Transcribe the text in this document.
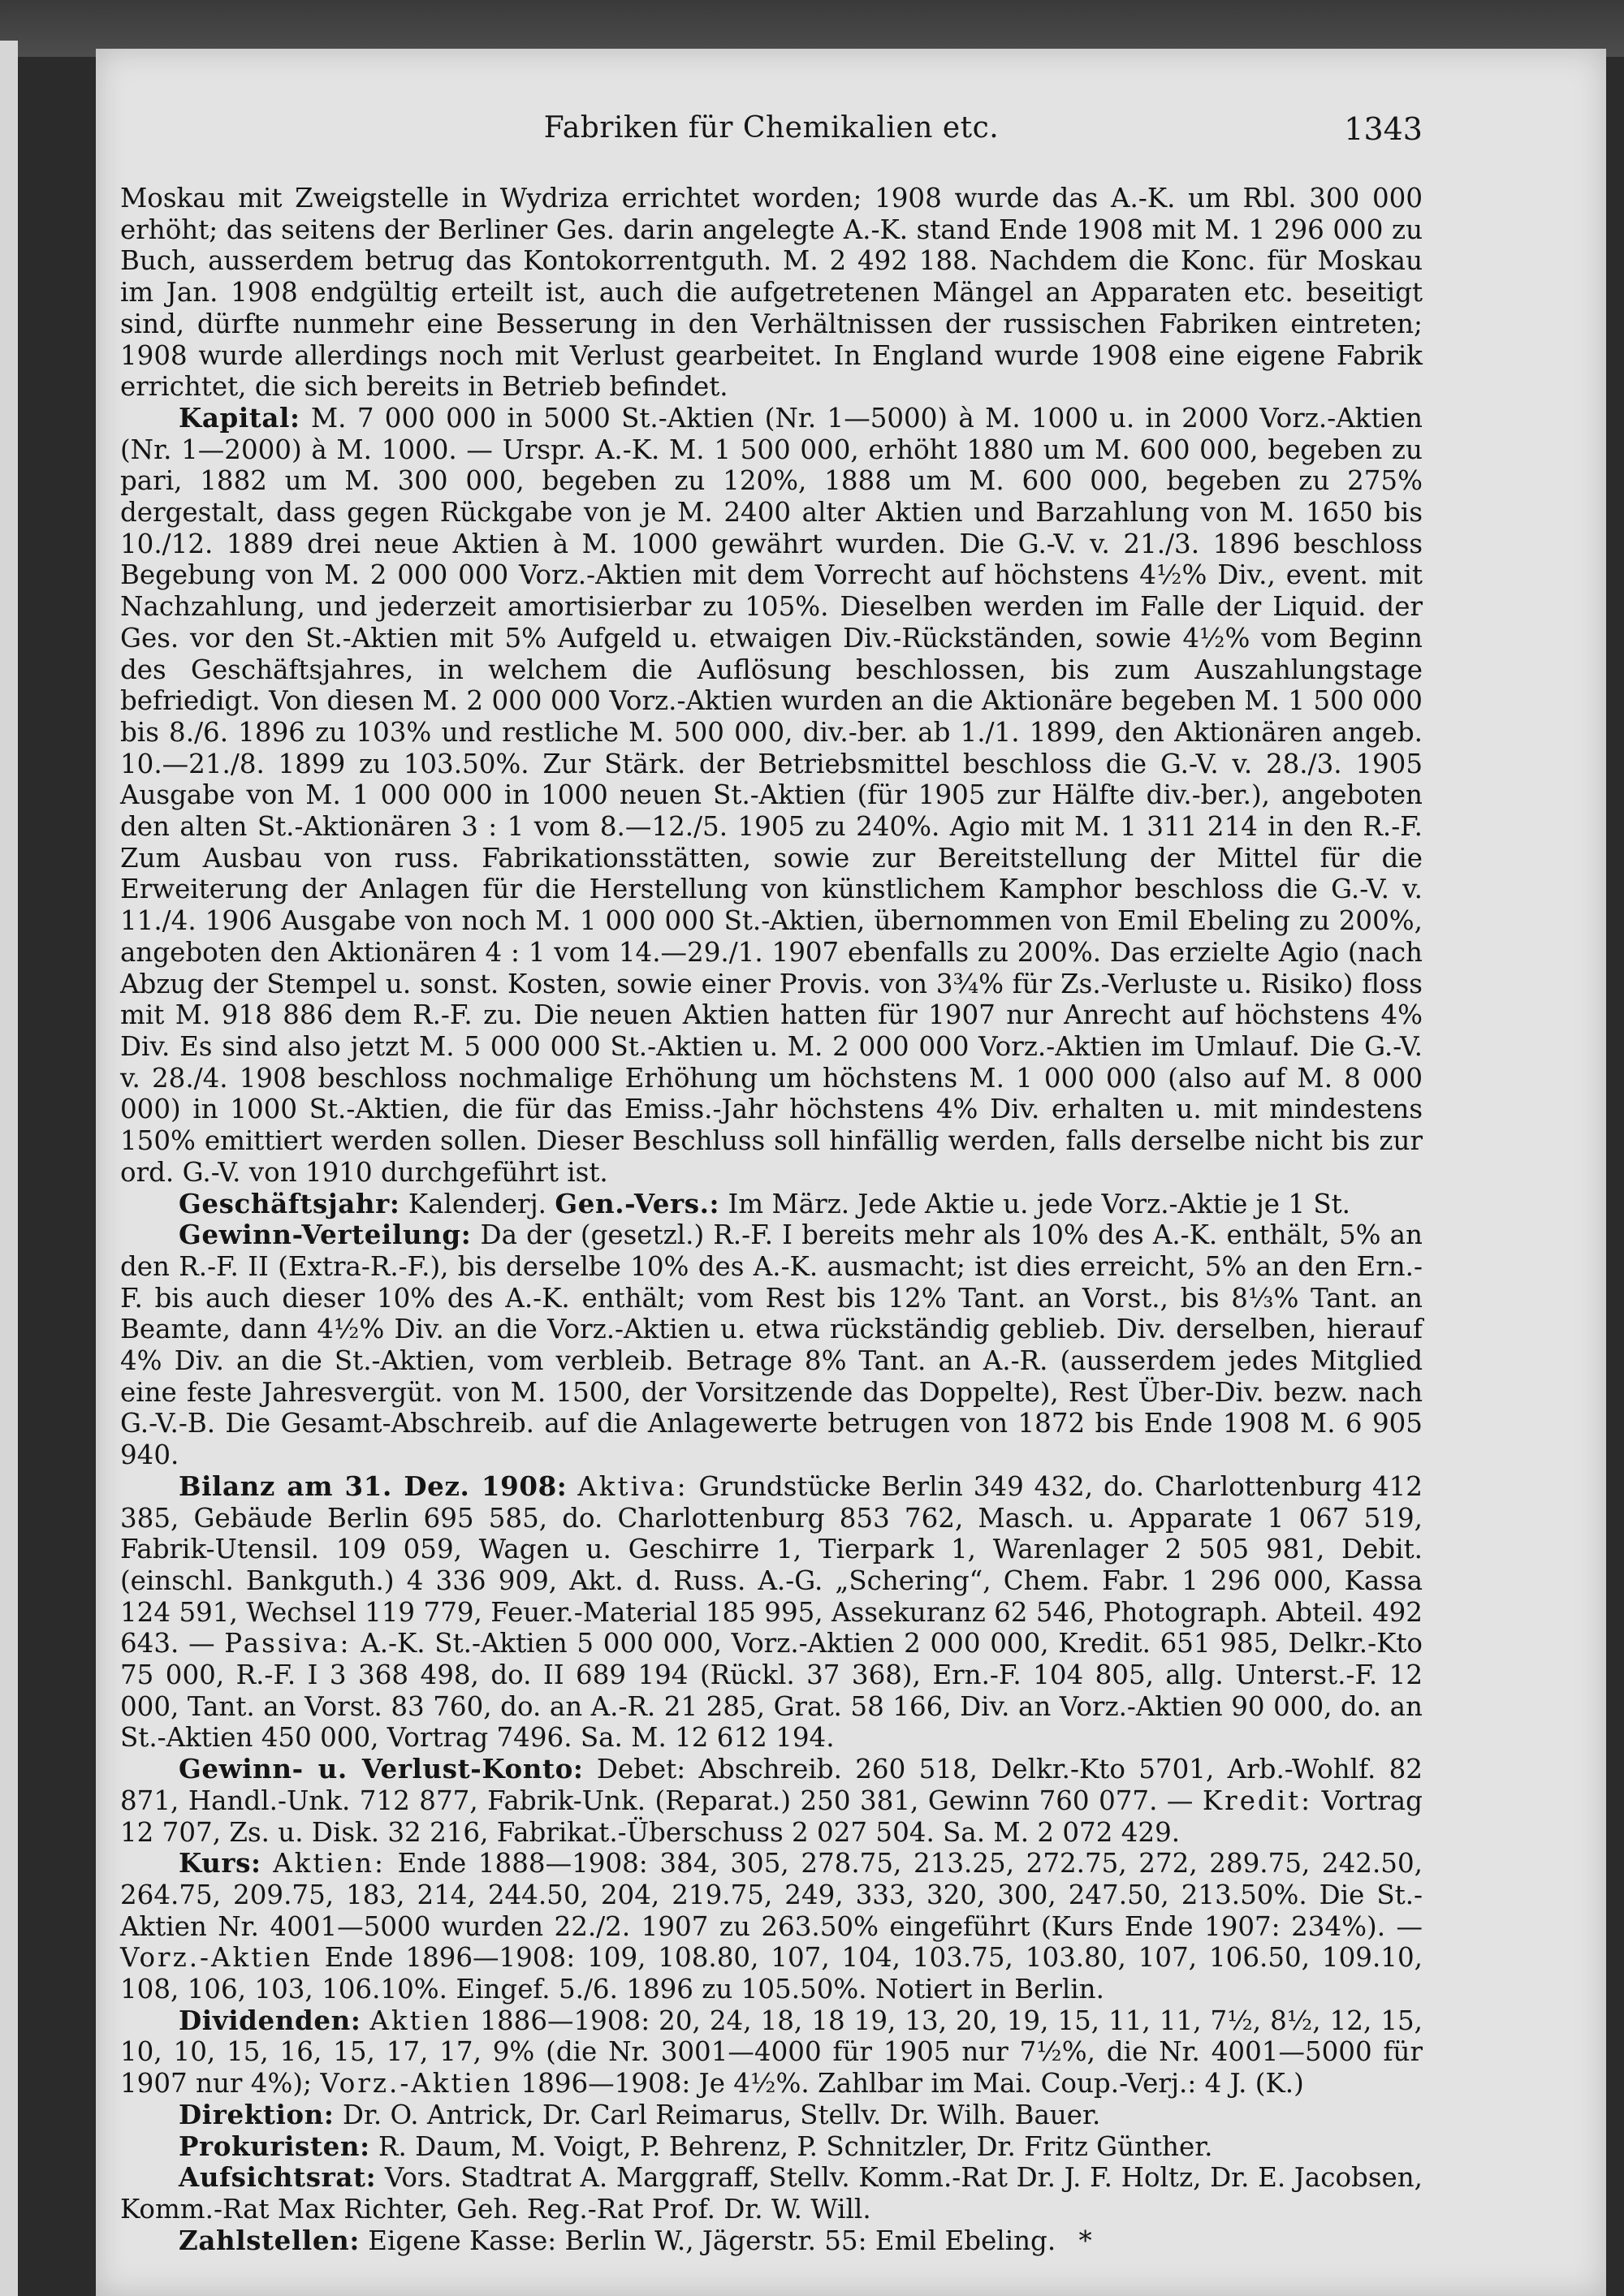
Fabriken für Chemikalien etc.	1343

Moskau mit Zweigstelle in Wydriza errichtet worden; 1908 wurde das A.-K. um Rbl. 300 000 erhöht; das seitens der Berliner Ges. darin angelegte A.-K. stand Ende 1908 mit M. 1 296 000 zu Buch, ausserdem betrug das Kontokorrentguth. M. 2 492 188. Nachdem die Konc. für Moskau im Jan. 1908 endgültig erteilt ist, auch die aufgetretenen Mängel an Apparaten etc. beseitigt sind, dürfte nunmehr eine Besserung in den Verhältnissen der russischen Fabriken eintreten; 1908 wurde allerdings noch mit Verlust gearbeitet. In England wurde 1908 eine eigene Fabrik errichtet, die sich bereits in Betrieb befindet.

Kapital: M. 7 000 000 in 5000 St.-Aktien (Nr. 1—5000) à M. 1000 u. in 2000 Vorz.-Aktien (Nr. 1—2000) à M. 1000. — Urspr. A.-K. M. 1 500 000, erhöht 1880 um M. 600 000, begeben zu pari, 1882 um M. 300 000, begeben zu 120%, 1888 um M. 600 000, begeben zu 275% dergestalt, dass gegen Rückgabe von je M. 2400 alter Aktien und Barzahlung von M. 1650 bis 10./12. 1889 drei neue Aktien à M. 1000 gewährt wurden. Die G.-V. v. 21./3. 1896 beschloss Begebung von M. 2 000 000 Vorz.-Aktien mit dem Vorrecht auf höchstens 4½% Div., event. mit Nachzahlung, und jederzeit amortisierbar zu 105%. Dieselben werden im Falle der Liquid. der Ges. vor den St.-Aktien mit 5% Aufgeld u. etwaigen Div.-Rückständen, sowie 4½% vom Beginn des Geschäftsjahres, in welchem die Auflösung beschlossen, bis zum Auszahlungstage befriedigt. Von diesen M. 2 000 000 Vorz.-Aktien wurden an die Aktionäre begeben M. 1 500 000 bis 8./6. 1896 zu 103% und restliche M. 500 000, div.-ber. ab 1./1. 1899, den Aktionären angeb. 10.—21./8. 1899 zu 103.50%. Zur Stärk. der Betriebsmittel beschloss die G.-V. v. 28./3. 1905 Ausgabe von M. 1 000 000 in 1000 neuen St.-Aktien (für 1905 zur Hälfte div.-ber.), angeboten den alten St.-Aktionären 3 : 1 vom 8.—12./5. 1905 zu 240%. Agio mit M. 1 311 214 in den R.-F. Zum Ausbau von russ. Fabrikationsstätten, sowie zur Bereitstellung der Mittel für die Erweiterung der Anlagen für die Herstellung von künstlichem Kamphor beschloss die G.-V. v. 11./4. 1906 Ausgabe von noch M. 1 000 000 St.-Aktien, übernommen von Emil Ebeling zu 200%, angeboten den Aktionären 4 : 1 vom 14.—29./1. 1907 ebenfalls zu 200%. Das erzielte Agio (nach Abzug der Stempel u. sonst. Kosten, sowie einer Provis. von 3¾% für Zs.-Verluste u. Risiko) floss mit M. 918 886 dem R.-F. zu. Die neuen Aktien hatten für 1907 nur Anrecht auf höchstens 4% Div. Es sind also jetzt M. 5 000 000 St.-Aktien u. M. 2 000 000 Vorz.-Aktien im Umlauf. Die G.-V. v. 28./4. 1908 beschloss nochmalige Erhöhung um höchstens M. 1 000 000 (also auf M. 8 000 000) in 1000 St.-Aktien, die für das Emiss.-Jahr höchstens 4% Div. erhalten u. mit mindestens 150% emittiert werden sollen. Dieser Beschluss soll hinfällig werden, falls derselbe nicht bis zur ord. G.-V. von 1910 durchgeführt ist.

Geschäftsjahr: Kalenderj. Gen.-Vers.: Im März. Jede Aktie u. jede Vorz.-Aktie je 1 St.

Gewinn-Verteilung: Da der (gesetzl.) R.-F. I bereits mehr als 10% des A.-K. enthält, 5% an den R.-F. II (Extra-R.-F.), bis derselbe 10% des A.-K. ausmacht; ist dies erreicht, 5% an den Ern.-F. bis auch dieser 10% des A.-K. enthält; vom Rest bis 12% Tant. an Vorst., bis 8⅓% Tant. an Beamte, dann 4½% Div. an die Vorz.-Aktien u. etwa rückständig geblieb. Div. derselben, hierauf 4% Div. an die St.-Aktien, vom verbleib. Betrage 8% Tant. an A.-R. (ausserdem jedes Mitglied eine feste Jahresvergüt. von M. 1500, der Vorsitzende das Doppelte), Rest Über-Div. bezw. nach G.-V.-B. Die Gesamt-Abschreib. auf die Anlagewerte betrugen von 1872 bis Ende 1908 M. 6 905 940.

Bilanz am 31. Dez. 1908: Aktiva: Grundstücke Berlin 349 432, do. Charlottenburg 412 385, Gebäude Berlin 695 585, do. Charlottenburg 853 762, Masch. u. Apparate 1 067 519, Fabrik-Utensil. 109 059, Wagen u. Geschirre 1, Tierpark 1, Warenlager 2 505 981, Debit. (einschl. Bankguth.) 4 336 909, Akt. d. Russ. A.-G. „Schering“, Chem. Fabr. 1 296 000, Kassa 124 591, Wechsel 119 779, Feuer.-Material 185 995, Assekuranz 62 546, Photograph. Abteil. 492 643. — Passiva: A.-K. St.-Aktien 5 000 000, Vorz.-Aktien 2 000 000, Kredit. 651 985, Delkr.-Kto 75 000, R.-F. I 3 368 498, do. II 689 194 (Rückl. 37 368), Ern.-F. 104 805, allg. Unterst.-F. 12 000, Tant. an Vorst. 83 760, do. an A.-R. 21 285, Grat. 58 166, Div. an Vorz.-Aktien 90 000, do. an St.-Aktien 450 000, Vortrag 7496. Sa. M. 12 612 194.

Gewinn- u. Verlust-Konto: Debet: Abschreib. 260 518, Delkr.-Kto 5701, Arb.-Wohlf. 82 871, Handl.-Unk. 712 877, Fabrik-Unk. (Reparat.) 250 381, Gewinn 760 077. — Kredit: Vortrag 12 707, Zs. u. Disk. 32 216, Fabrikat.-Überschuss 2 027 504. Sa. M. 2 072 429.

Kurs: Aktien: Ende 1888—1908: 384, 305, 278.75, 213.25, 272.75, 272, 289.75, 242.50, 264.75, 209.75, 183, 214, 244.50, 204, 219.75, 249, 333, 320, 300, 247.50, 213.50%. Die St.-Aktien Nr. 4001—5000 wurden 22./2. 1907 zu 263.50% eingeführt (Kurs Ende 1907: 234%). — Vorz.-Aktien Ende 1896—1908: 109, 108.80, 107, 104, 103.75, 103.80, 107, 106.50, 109.10, 108, 106, 103, 106.10%. Eingef. 5./6. 1896 zu 105.50%. Notiert in Berlin.

Dividenden: Aktien 1886—1908: 20, 24, 18, 18 19, 13, 20, 19, 15, 11, 11, 7½, 8½, 12, 15, 10, 10, 15, 16, 15, 17, 17, 9% (die Nr. 3001—4000 für 1905 nur 7½%, die Nr. 4001—5000 für 1907 nur 4%); Vorz.-Aktien 1896—1908: Je 4½%. Zahlbar im Mai. Coup.-Verj.: 4 J. (K.)

Direktion: Dr. O. Antrick, Dr. Carl Reimarus, Stellv. Dr. Wilh. Bauer.

Prokuristen: R. Daum, M. Voigt, P. Behrenz, P. Schnitzler, Dr. Fritz Günther.

Aufsichtsrat: Vors. Stadtrat A. Marggraff, Stellv. Komm.-Rat Dr. J. F. Holtz, Dr. E. Jacobsen, Komm.-Rat Max Richter, Geh. Reg.-Rat Prof. Dr. W. Will.

Zahlstellen: Eigene Kasse: Berlin W., Jägerstr. 55: Emil Ebeling. *
